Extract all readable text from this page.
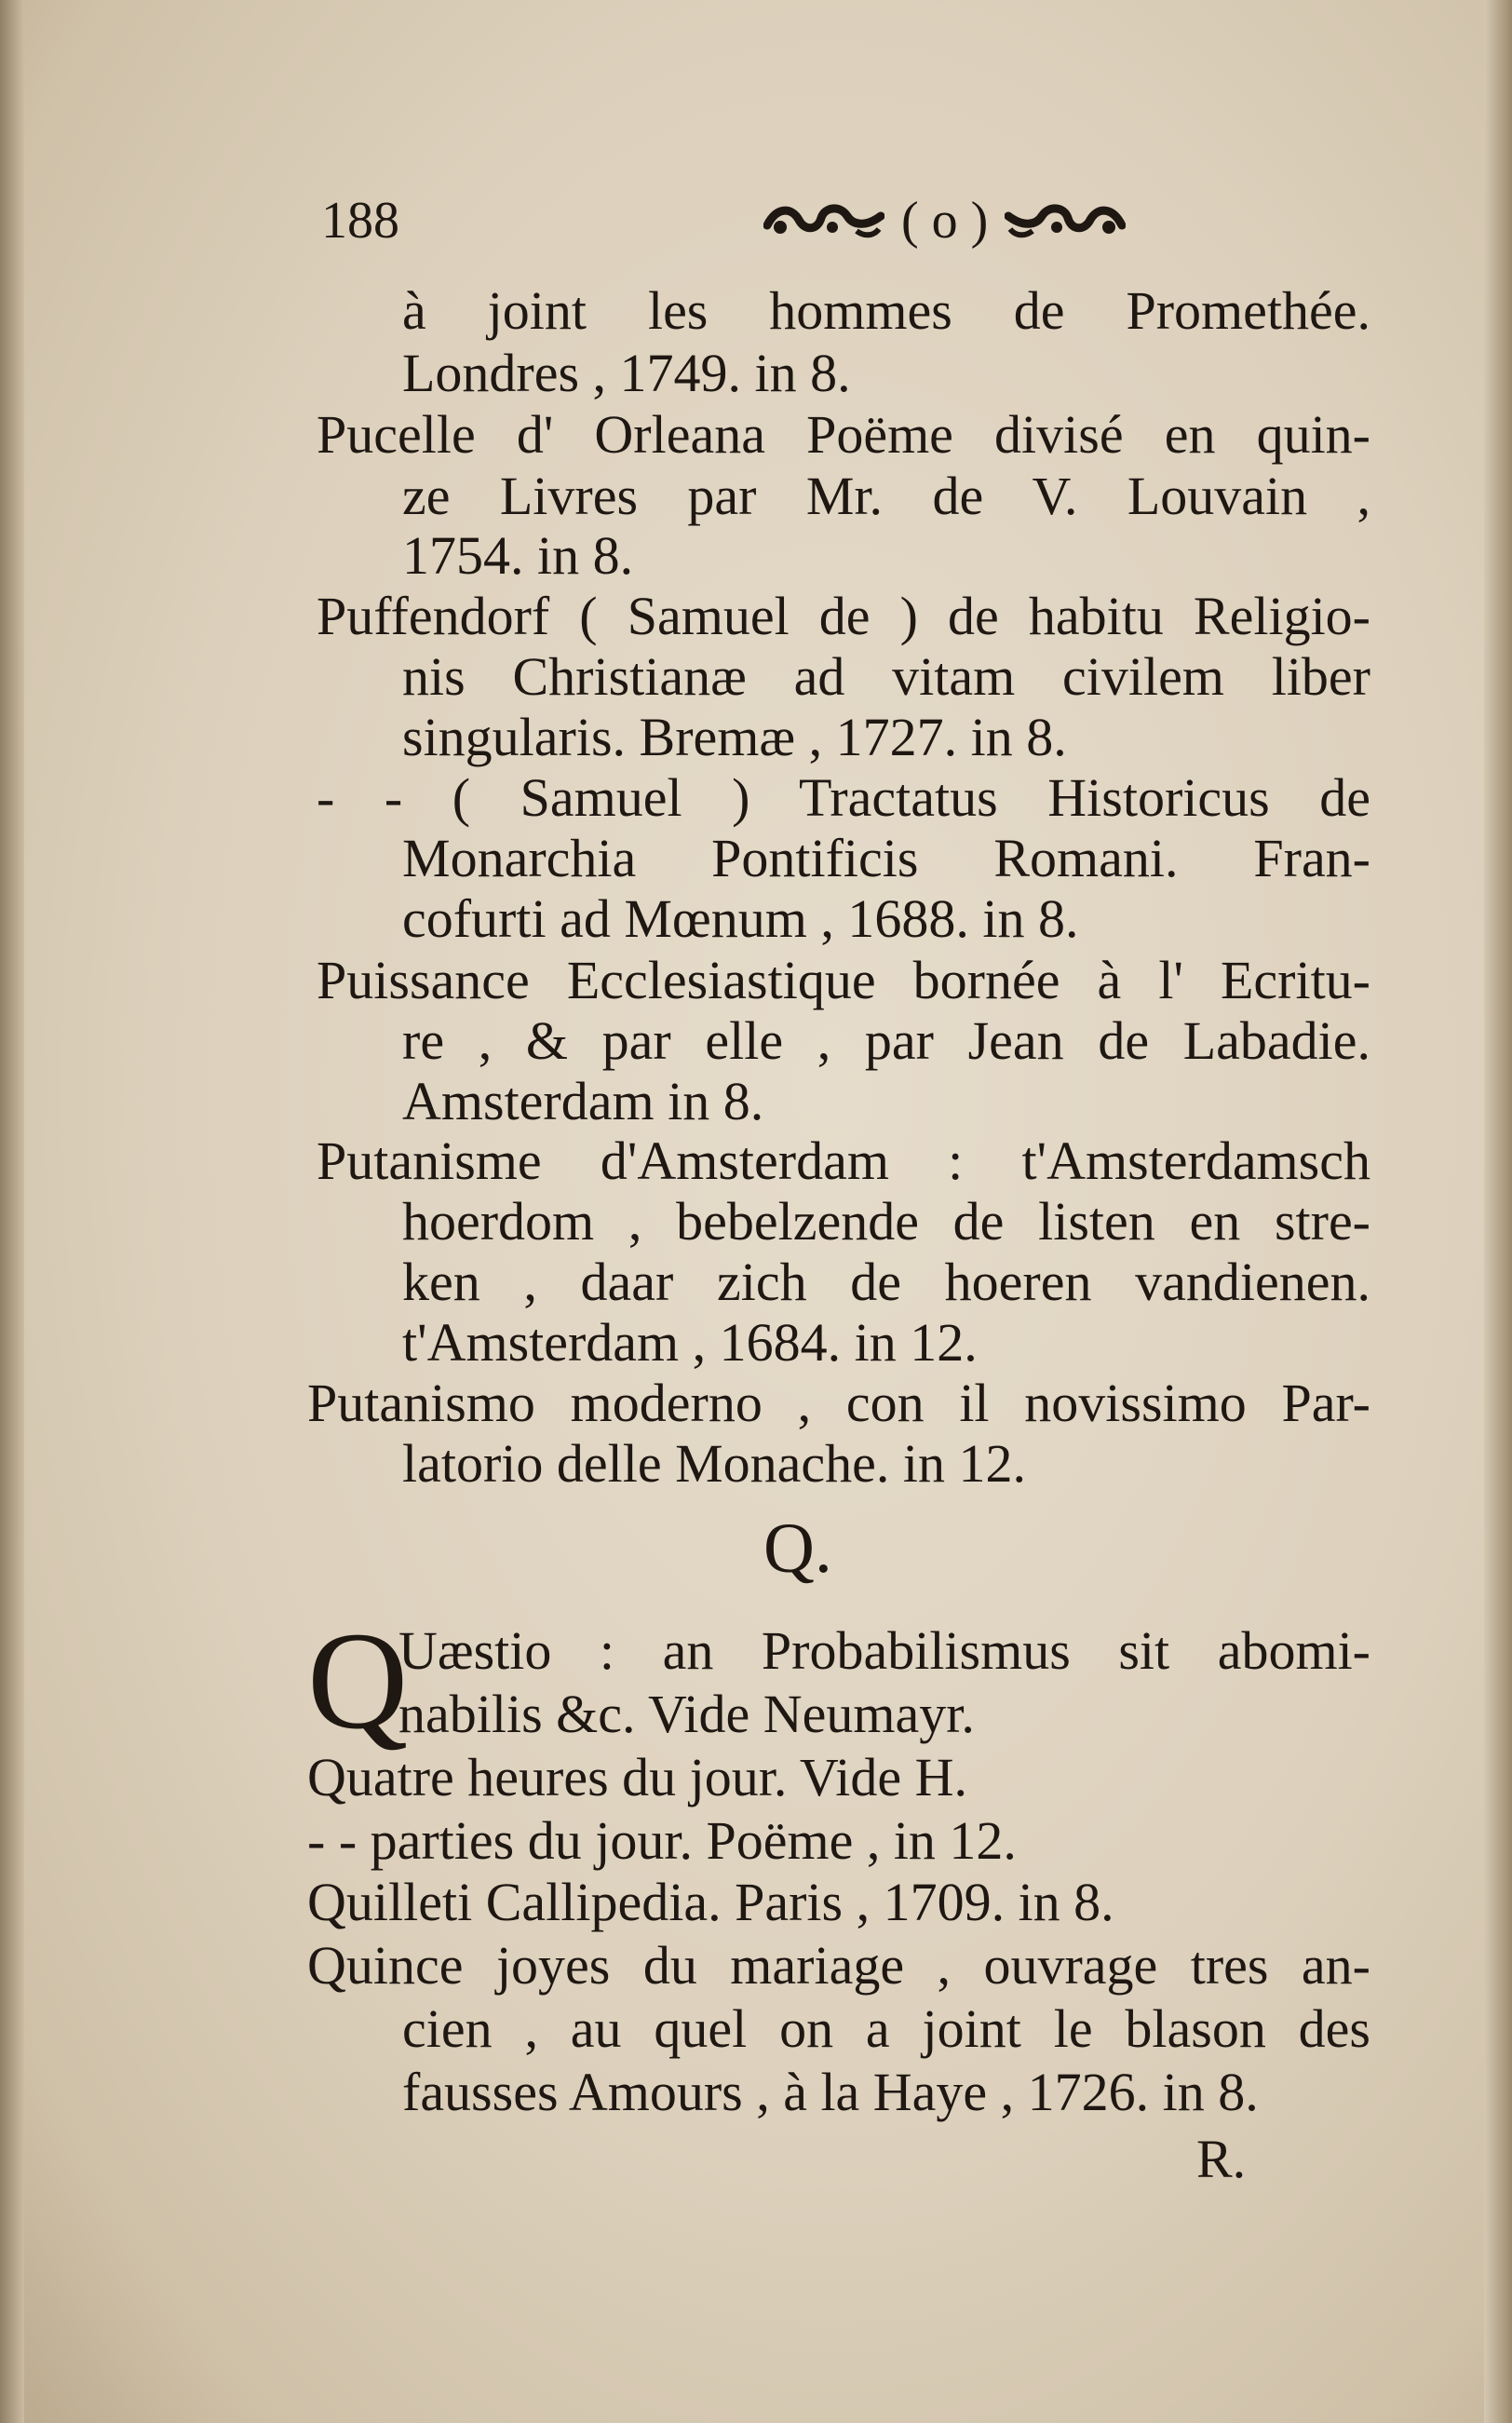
188	( o )
à joint les hommes de Promethée.
Londres , 1749. in 8.
Pucelle d' Orleana Poëme divisé en quin-
ze Livres par Mr. de V. Louvain ,
1754. in 8.
Puffendorf ( Samuel de ) de habitu Religio-
nis Christianæ ad vitam civilem liber
singularis. Bremæ , 1727. in 8.
- - ( Samuel ) Tractatus Historicus de
Monarchia Pontificis Romani. Fran-
cofurti ad Mœnum , 1688. in 8.
Puissance Ecclesiastique bornée à l' Ecritu-
re , & par elle , par Jean de Labadie.
Amsterdam in 8.
Putanisme d'Amsterdam : t'Amsterdamsch
hoerdom , bebelzende de listen en stre-
ken , daar zich de hoeren vandienen.
t'Amsterdam , 1684. in 12.
Putanismo moderno , con il novissimo Par-
latorio delle Monache. in 12.
Q.
Q
Uæstio : an Probabilismus sit abomi-
nabilis &c. Vide Neumayr.
Quatre heures du jour. Vide H.
- - parties du jour. Poëme , in 12.
Quilleti Callipedia. Paris , 1709. in 8.
Quince joyes du mariage , ouvrage tres an-
cien , au quel on a joint le blason des
fausses Amours , à la Haye , 1726. in 8.
R.
